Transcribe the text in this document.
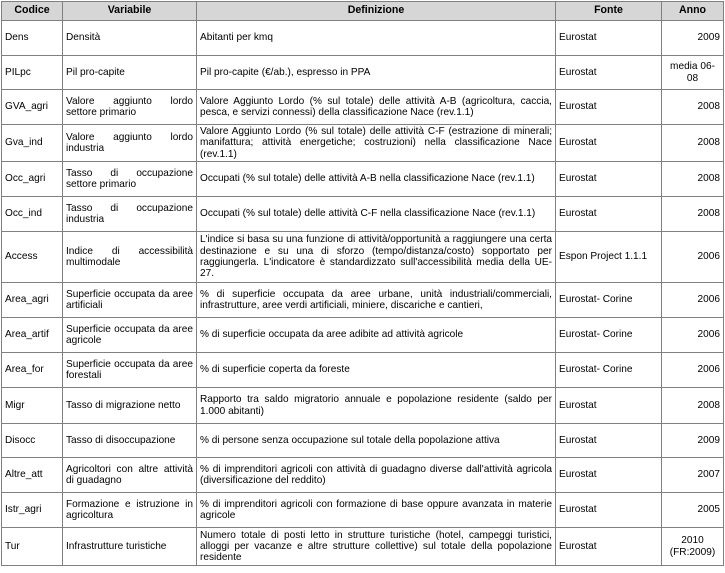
Codice	Variabile	Definizione	Fonte	Anno
Dens	Densità	Abitanti per kmq	Eurostat	2009
PILpc	Pil pro-capite	Pil pro-capite (€/ab.), espresso in PPA	Eurostat	media 06-08
GVA_agri	Valore aggiunto lordo settore primario	Valore Aggiunto Lordo (% sul totale) delle attività A-B (agricoltura, caccia, pesca, e servizi connessi) della classificazione Nace (rev.1.1)	Eurostat	2008
Gva_ind	Valore aggiunto lordo industria	Valore Aggiunto Lordo (% sul totale) delle attività C-F (estrazione di minerali; manifattura; attività energetiche; costruzioni) nella classificazione Nace (rev.1.1)	Eurostat	2008
Occ_agri	Tasso di occupazione settore primario	Occupati (% sul totale) delle attività A-B nella classificazione Nace (rev.1.1)	Eurostat	2008
Occ_ind	Tasso di occupazione industria	Occupati (% sul totale) delle attività C-F nella classificazione Nace (rev.1.1)	Eurostat	2008
Access	Indice di accessibilità multimodale	L'indice si basa su una funzione di attività/opportunità a raggiungere una certa destinazione e su una di sforzo (tempo/distanza/costo) sopportato per raggiungerla. L'indicatore è standardizzato sull'accessibilità media della UE-27.	Espon Project 1.1.1	2006
Area_agri	Superficie occupata da aree artificiali	% di superficie occupata da aree urbane, unità industriali/commerciali, infrastrutture, aree verdi artificiali, miniere, discariche e cantieri,	Eurostat- Corine	2006
Area_artif	Superficie occupata da aree agricole	% di superficie occupata da aree adibite ad attività agricole	Eurostat- Corine	2006
Area_for	Superficie occupata da aree forestali	% di superficie coperta da foreste	Eurostat- Corine	2006
Migr	Tasso di migrazione netto	Rapporto tra saldo migratorio annuale e popolazione residente (saldo per 1.000 abitanti)	Eurostat	2008
Disocc	Tasso di disoccupazione	% di persone senza occupazione sul totale della popolazione attiva	Eurostat	2009
Altre_att	Agricoltori con altre attività di guadagno	% di imprenditori agricoli con attività di guadagno diverse dall'attività agricola (diversificazione del reddito)	Eurostat	2007
Istr_agri	Formazione e istruzione in agricoltura	% di imprenditori agricoli con formazione di base oppure avanzata in materie agricole	Eurostat	2005
Tur	Infrastrutture turistiche	Numero totale di posti letto in strutture turistiche (hotel, campeggi turistici, alloggi per vacanze e altre strutture collettive) sul totale della popolazione residente	Eurostat	2010 (FR:2009)
